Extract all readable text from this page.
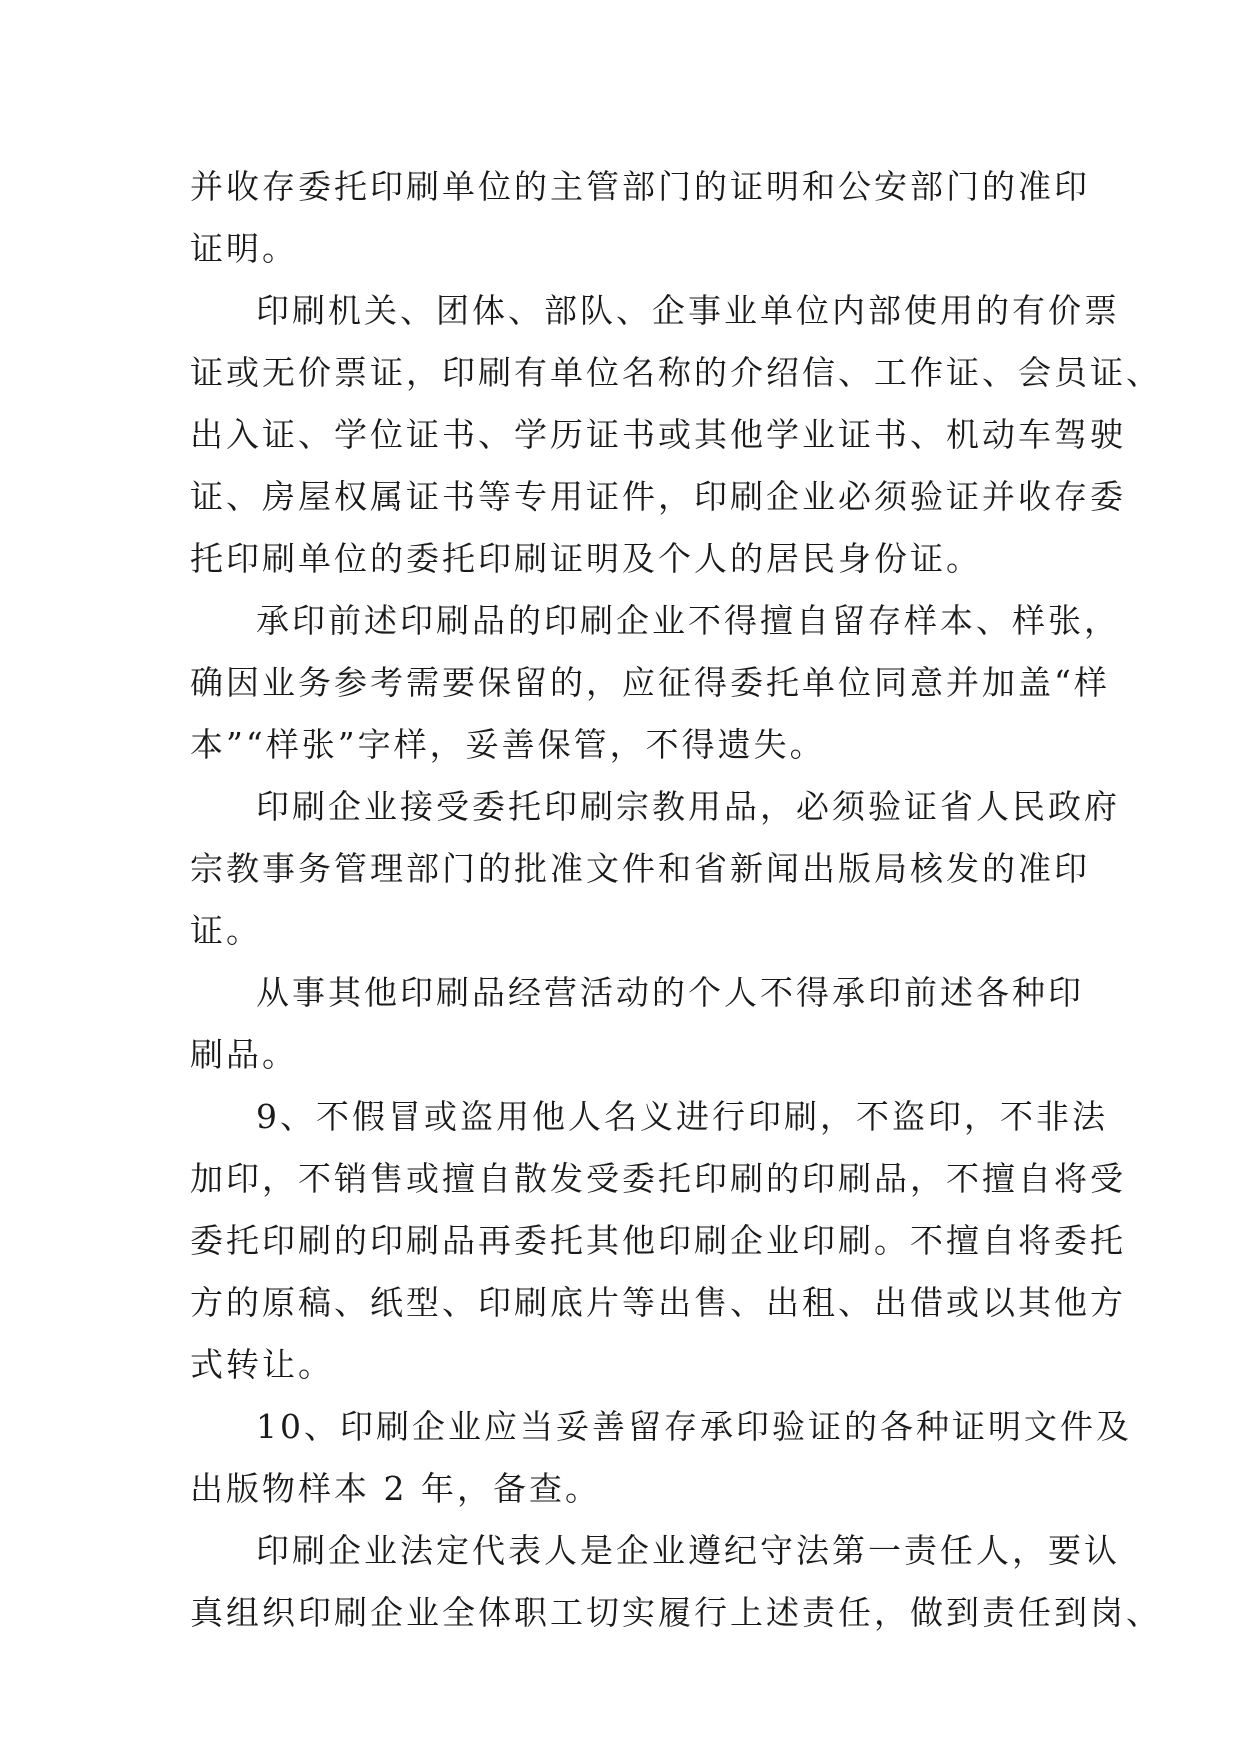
并收存委托印刷单位的主管部门的证明和公安部门的准印
证明。
印刷机关、团体、部队、企事业单位内部使用的有价票
证或无价票证，印刷有单位名称的介绍信、工作证、会员证、
出入证、学位证书、学历证书或其他学业证书、机动车驾驶
证、房屋权属证书等专用证件，印刷企业必须验证并收存委
托印刷单位的委托印刷证明及个人的居民身份证。
承印前述印刷品的印刷企业不得擅自留存样本、样张，
确因业务参考需要保留的，应征得委托单位同意并加盖“样
本”“样张”字样，妥善保管，不得遗失。
印刷企业接受委托印刷宗教用品，必须验证省人民政府
宗教事务管理部门的批准文件和省新闻出版局核发的准印
证。
从事其他印刷品经营活动的个人不得承印前述各种印
刷品。
9、不假冒或盗用他人名义进行印刷，不盗印，不非法
加印，不销售或擅自散发受委托印刷的印刷品，不擅自将受
委托印刷的印刷品再委托其他印刷企业印刷。不擅自将委托
方的原稿、纸型、印刷底片等出售、出租、出借或以其他方
式转让。
10、印刷企业应当妥善留存承印验证的各种证明文件及
出版物样本 2 年，备查。
印刷企业法定代表人是企业遵纪守法第一责任人，要认
真组织印刷企业全体职工切实履行上述责任，做到责任到岗、
